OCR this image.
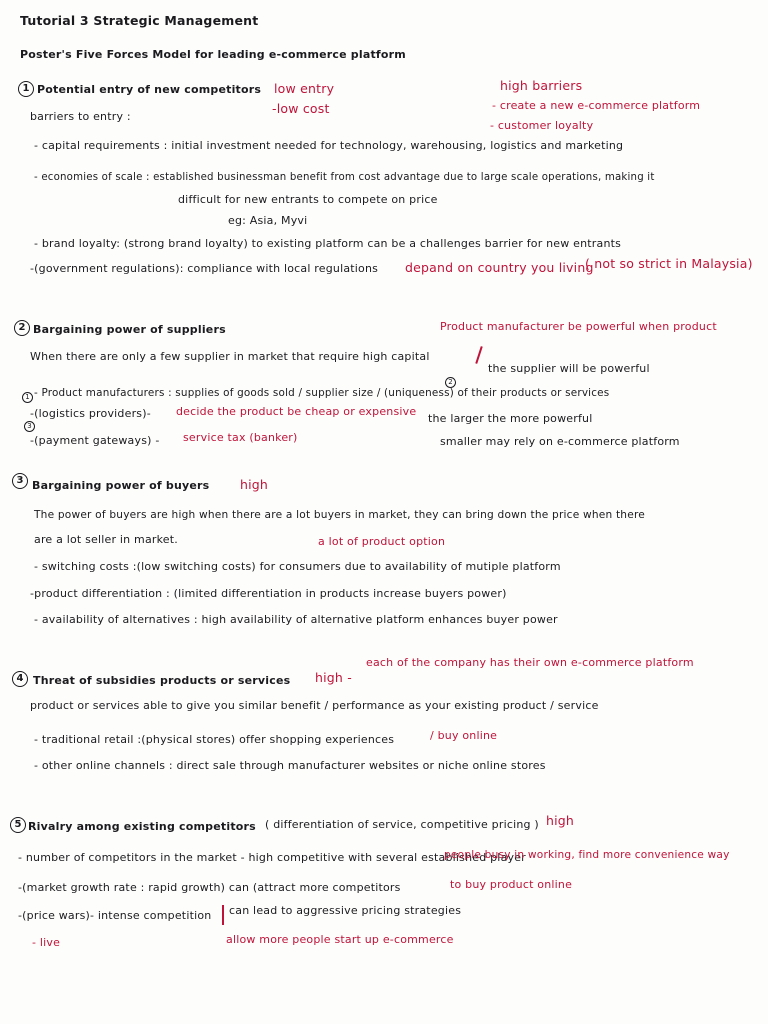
Tutorial 3 Strategic Management
Poster's Five Forces Model for leading e-commerce platform
1 Potential entry of new competitors low entry
-low cost
high barriers
- create a new e-commerce platform
- customer loyalty
barriers to entry :
- capital requirements : initial investment needed for technology, warehousing, logistics and marketing
- economies of scale : established businessman benefit from cost advantage due to large scale operations, making it
difficult for new entrants to compete on price
eg: Asia, Myvi
- brand loyalty: (strong brand loyalty) to existing platform can be a challenges barrier for new entrants
-(government regulations): compliance with local regulations depand on country you living
( not so strict in Malaysia)
2 Bargaining power of suppliers	Product manufacturer be powerful when product
When there are only a few supplier in market that require high capital
the supplier will be powerful
2
1 - Product manufacturers : supplies of goods sold / supplier size / (uniqueness) of their products or services
-(logistics providers)- decide the product be cheap or expensive
the larger the more powerful
3
-(payment gateways) - service tax (banker)	smaller may rely on e-commerce platform
3 Bargaining power of buyers high
The power of buyers are high when there are a lot buyers in market, they can bring down the price when there
are a lot seller in market.	a lot of product option
- switching costs :(low switching costs) for consumers due to availability of mutiple platform
-product differentiation : (limited differentiation in products increase buyers power)
- availability of alternatives : high availability of alternative platform enhances buyer power
4 Threat of subsidies products or services high -
each of the company has their own e-commerce platform
product or services able to give you similar benefit / performance as your existing product / service
- traditional retail :(physical stores) offer shopping experiences	/ buy online
- other online channels : direct sale through manufacturer websites or niche online stores
5 Rivalry among existing competitors ( differentiation of service, competitive pricing ) high
- number of competitors in the market - high competitive with several established player
people busy in working, find more convenience way
-(market growth rate : rapid growth) can (attract more competitors	to buy product online
-(price wars)- intense competition can lead to aggressive pricing strategies
- live	allow more people start up e-commerce
